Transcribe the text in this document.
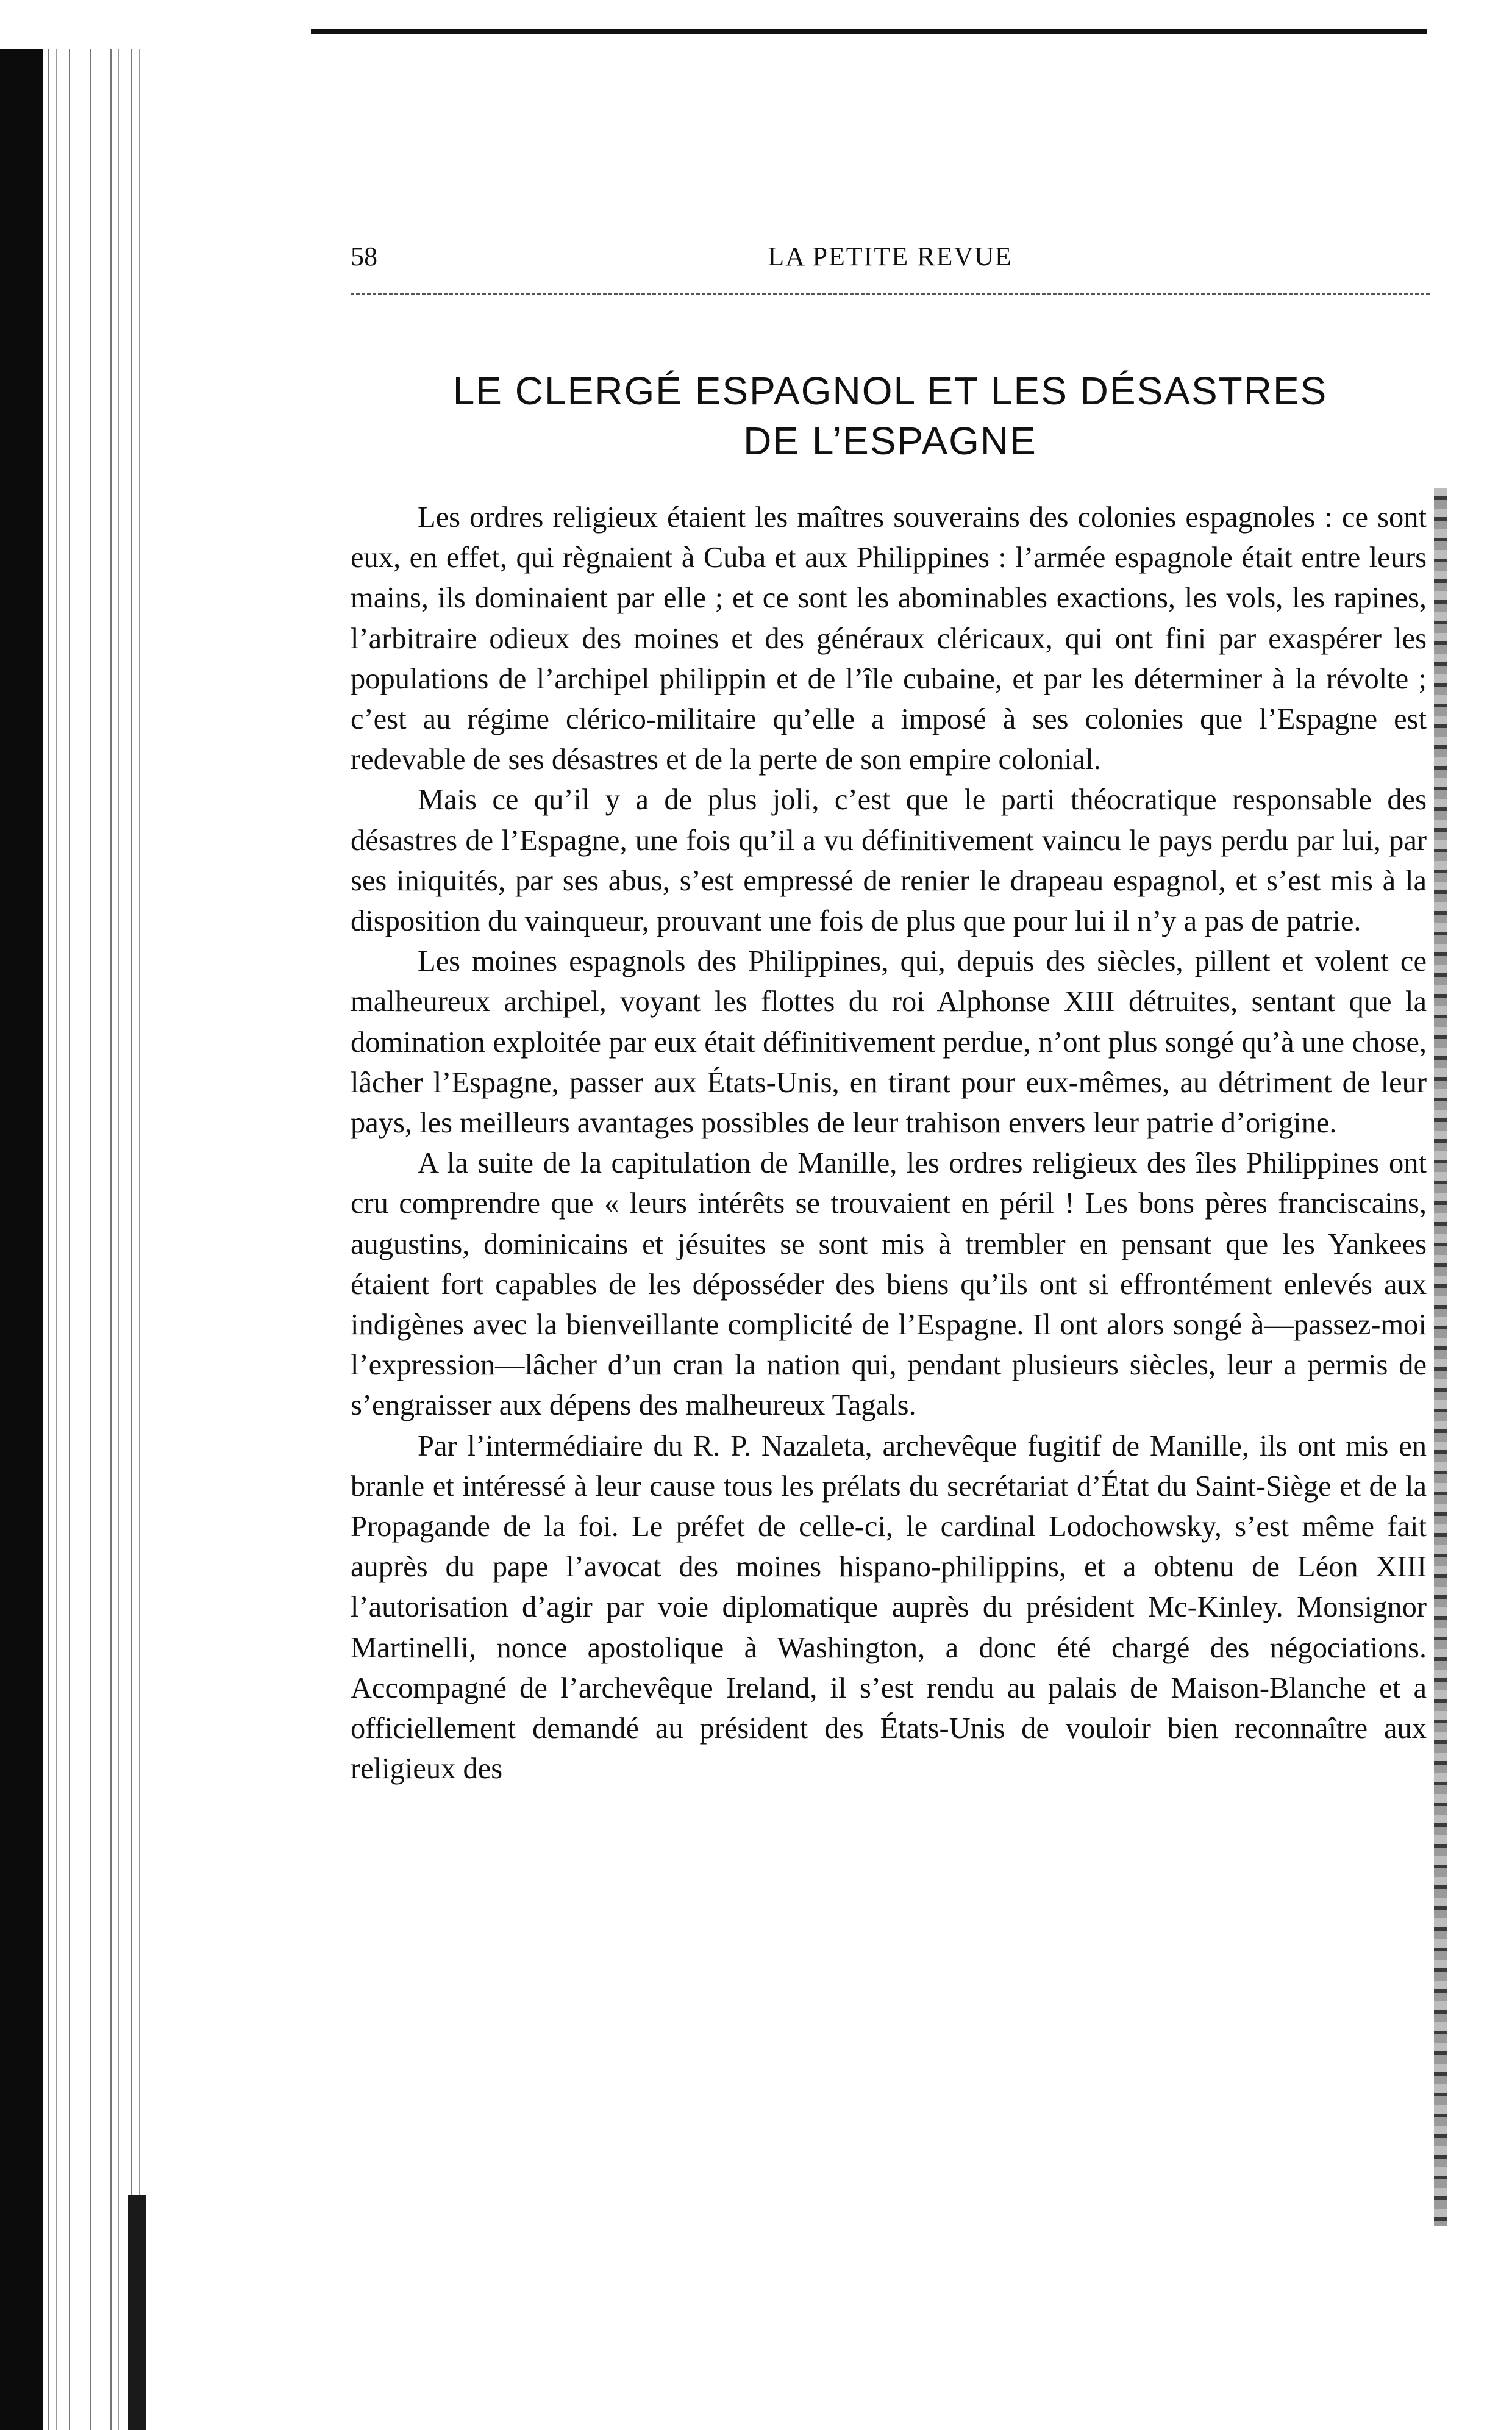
58	LA PETITE REVUE
LE CLERGÉ ESPAGNOL ET LES DÉSASTRES
DE L’ESPAGNE

Les ordres religieux étaient les maîtres souverains des colonies espagnoles : ce sont eux, en effet, qui règnaient à Cuba et aux Philippines : l’armée espagnole était entre leurs mains, ils dominaient par elle ; et ce sont les abominables exactions, les vols, les rapines, l’arbitraire odieux des moines et des généraux cléricaux, qui ont fini par exaspérer les populations de l’archipel philippin et de l’île cubaine, et par les déterminer à la révolte ; c’est au régime clérico-militaire qu’elle a imposé à ses colonies que l’Espagne est redevable de ses désastres et de la perte de son empire colonial.

Mais ce qu’il y a de plus joli, c’est que le parti théocratique responsable des désastres de l’Espagne, une fois qu’il a vu définitivement vaincu le pays perdu par lui, par ses iniquités, par ses abus, s’est empressé de renier le drapeau espagnol, et s’est mis à la disposition du vainqueur, prouvant une fois de plus que pour lui il n’y a pas de patrie.

Les moines espagnols des Philippines, qui, depuis des siècles, pillent et volent ce malheureux archipel, voyant les flottes du roi Alphonse XIII détruites, sentant que la domination exploitée par eux était définitivement perdue, n’ont plus songé qu’à une chose, lâcher l’Espagne, passer aux États-Unis, en tirant pour eux-mêmes, au détriment de leur pays, les meilleurs avantages possibles de leur trahison envers leur patrie d’origine.

A la suite de la capitulation de Manille, les ordres religieux des îles Philippines ont cru comprendre que « leurs intérêts se trouvaient en péril ! Les bons pères franciscains, augustins, dominicains et jésuites se sont mis à trembler en pensant que les Yankees étaient fort capables de les déposséder des biens qu’ils ont si effrontément enlevés aux indigènes avec la bienveillante complicité de l’Espagne. Il ont alors songé à—passez-moi l’expression—lâcher d’un cran la nation qui, pendant plusieurs siècles, leur a permis de s’engraisser aux dépens des malheureux Tagals.

Par l’intermédiaire du R. P. Nazaleta, archevêque fugitif de Manille, ils ont mis en branle et intéressé à leur cause tous les prélats du secrétariat d’État du Saint-Siège et de la Propagande de la foi. Le préfet de celle-ci, le cardinal Lodochowsky, s’est même fait auprès du pape l’avocat des moines hispano-philippins, et a obtenu de Léon XIII l’autorisation d’agir par voie diplomatique auprès du président Mc-Kinley. Monsignor Martinelli, nonce apostolique à Washington, a donc été chargé des négociations. Accompagné de l’archevêque Ireland, il s’est rendu au palais de Maison-Blanche et a officiellement demandé au président des États-Unis de vouloir bien reconnaître aux religieux des
